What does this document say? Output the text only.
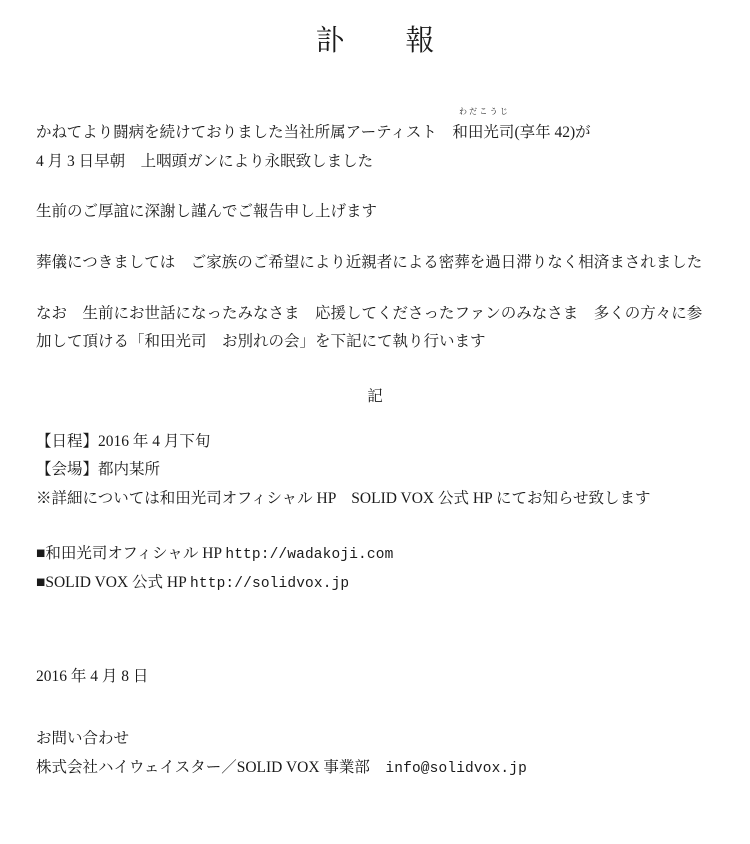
訃　報
かねてより闘病を続けておりました当社所属アーティスト　
わだこうじ
和田光司(享年 42)が
4 月 3 日早朝　上咽頭ガンにより永眠致しました
生前のご厚誼に深謝し謹んでご報告申し上げます
葬儀につきましては　ご家族のご希望により近親者による密葬を過日滞りなく相済まされました
なお　生前にお世話になったみなさま　応援してくださったファンのみなさま　多くの方々に参加して頂ける「和田光司　お別れの会」を下記にて執り行います
記
【日程】2016 年 4 月下旬
【会場】都内某所
※詳細については和田光司オフィシャル HP　SOLID VOX 公式 HP にてお知らせ致します
■和田光司オフィシャル HP http://wadakoji.com
■SOLID VOX 公式 HP http://solidvox.jp
2016 年 4 月 8 日
お問い合わせ
株式会社ハイウェイスター／SOLID VOX 事業部　info@solidvox.jp
